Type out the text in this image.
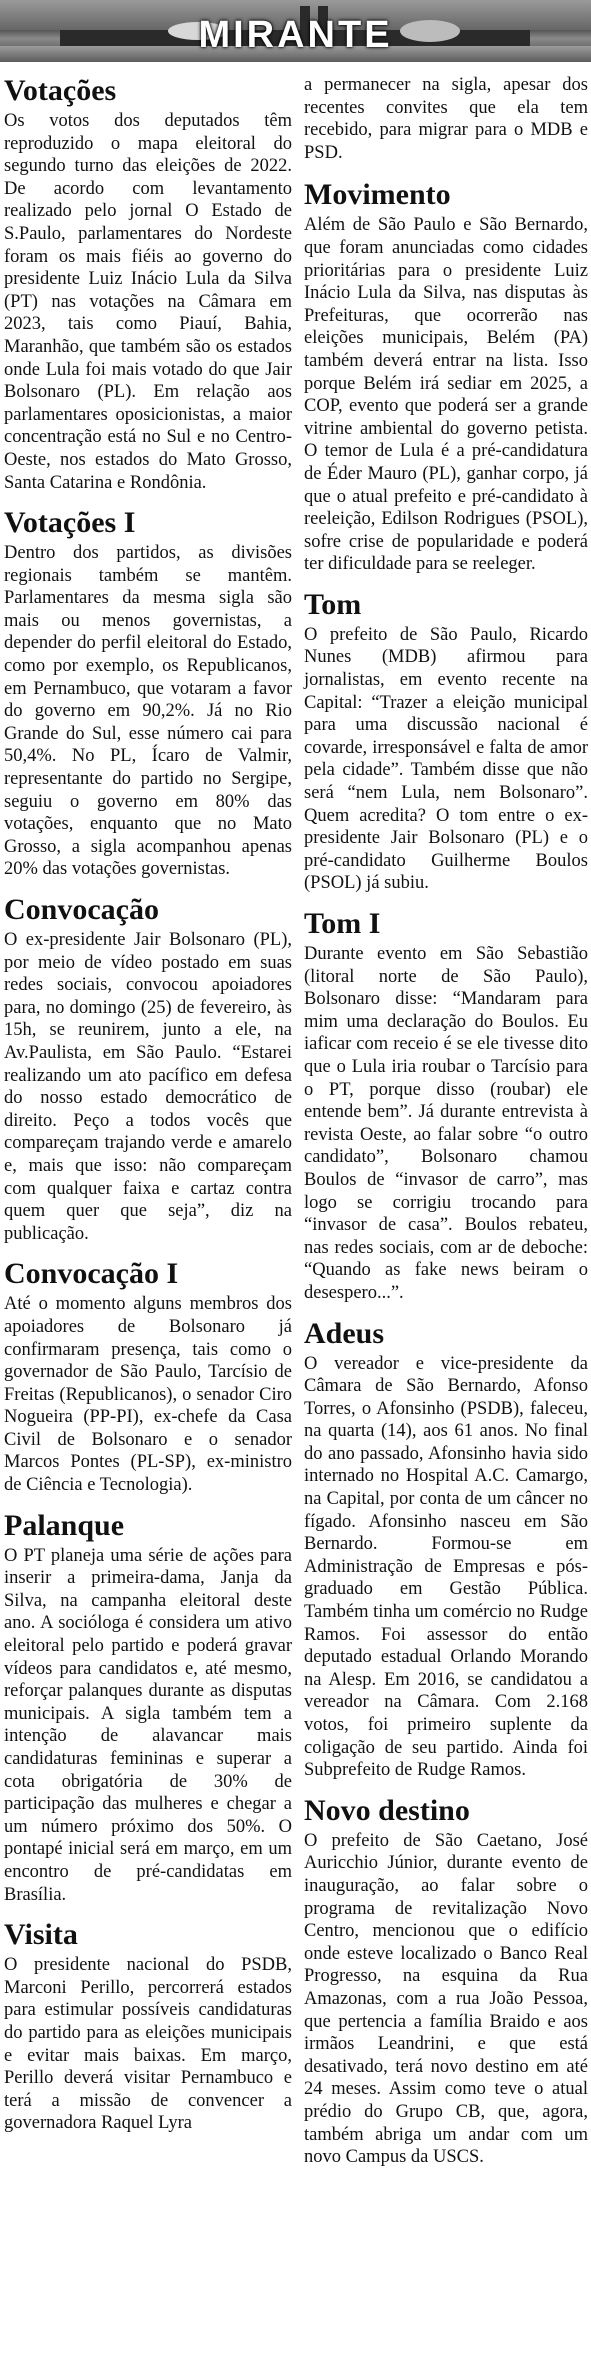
MIRANTE
Votações

Os votos dos deputados têm reproduzido o mapa eleitoral do segundo turno das eleições de 2022. De acordo com levantamento realizado pelo jornal O Estado de S.Paulo, parlamentares do Nordeste foram os mais fiéis ao governo do presidente Luiz Inácio Lula da Silva (PT) nas votações na Câmara em 2023, tais como Piauí, Bahia, Maranhão, que também são os estados onde Lula foi mais votado do que Jair Bolsonaro (PL). Em relação aos parlamentares oposicionistas, a maior concentração está no Sul e no Centro-Oeste, nos estados do Mato Grosso, Santa Catarina e Rondônia.

Votações I

Dentro dos partidos, as divisões regionais também se mantêm. Parlamentares da mesma sigla são mais ou menos governistas, a depender do perfil eleitoral do Estado, como por exemplo, os Republicanos, em Pernambuco, que votaram a favor do governo em 90,2%. Já no Rio Grande do Sul, esse número cai para 50,4%. No PL, Ícaro de Valmir, representante do partido no Sergipe, seguiu o governo em 80% das votações, enquanto que no Mato Grosso, a sigla acompanhou apenas 20% das votações governistas.

Convocação

O ex-presidente Jair Bolsonaro (PL), por meio de vídeo postado em suas redes sociais, convocou apoiadores para, no domingo (25) de fevereiro, às 15h, se reunirem, junto a ele, na Av.Paulista, em São Paulo. “Estarei realizando um ato pacífico em defesa do nosso estado democrático de direito. Peço a todos vocês que compareçam trajando verde e amarelo e, mais que isso: não compareçam com qualquer faixa e cartaz contra quem quer que seja”, diz na publicação.

Convocação I

Até o momento alguns membros dos apoiadores de Bolsonaro já confirmaram presença, tais como o governador de São Paulo, Tarcísio de Freitas (Republicanos), o senador Ciro Nogueira (PP-PI), ex-chefe da Casa Civil de Bolsonaro e o senador Marcos Pontes (PL-SP), ex-ministro de Ciência e Tecnologia).

Palanque

O PT planeja uma série de ações para inserir a primeira-dama, Janja da Silva, na campanha eleitoral deste ano. A socióloga é considera um ativo eleitoral pelo partido e poderá gravar vídeos para candidatos e, até mesmo, reforçar palanques durante as disputas municipais. A sigla também tem a intenção de alavancar mais candidaturas femininas e superar a cota obrigatória de 30% de participação das mulheres e chegar a um número próximo dos 50%. O pontapé inicial será em março, em um encontro de pré-candidatas em Brasília.

Visita

O presidente nacional do PSDB, Marconi Perillo, percorrerá estados para estimular possíveis candidaturas do partido para as eleições municipais e evitar mais baixas. Em março, Perillo deverá visitar Pernambuco e terá a missão de convencer a governadora Raquel Lyra

a permanecer na sigla, apesar dos recentes convites que ela tem recebido, para migrar para o MDB e PSD.

Movimento

Além de São Paulo e São Bernardo, que foram anunciadas como cidades prioritárias para o presidente Luiz Inácio Lula da Silva, nas disputas às Prefeituras, que ocorrerão nas eleições municipais, Belém (PA) também deverá entrar na lista. Isso porque Belém irá sediar em 2025, a COP, evento que poderá ser a grande vitrine ambiental do governo petista. O temor de Lula é a pré-candidatura de Éder Mauro (PL), ganhar corpo, já que o atual prefeito e pré-candidato à reeleição, Edilson Rodrigues (PSOL), sofre crise de popularidade e poderá ter dificuldade para se reeleger.

Tom

O prefeito de São Paulo, Ricardo Nunes (MDB) afirmou para jornalistas, em evento recente na Capital: “Trazer a eleição municipal para uma discussão nacional é covarde, irresponsável e falta de amor pela cidade”. Também disse que não será “nem Lula, nem Bolsonaro”. Quem acredita? O tom entre o ex-presidente Jair Bolsonaro (PL) e o pré-candidato Guilherme Boulos (PSOL) já subiu.

Tom I

Durante evento em São Sebastião (litoral norte de São Paulo), Bolsonaro disse: “Mandaram para mim uma declaração do Boulos. Eu iaficar com receio é se ele tivesse dito que o Lula iria roubar o Tarcísio para o PT, porque disso (roubar) ele entende bem”. Já durante entrevista à revista Oeste, ao falar sobre “o outro candidato”, Bolsonaro chamou Boulos de “invasor de carro”, mas logo se corrigiu trocando para “invasor de casa”. Boulos rebateu, nas redes sociais, com ar de deboche: “Quando as fake news beiram o desespero...”.

Adeus

O vereador e vice-presidente da Câmara de São Bernardo, Afonso Torres, o Afonsinho (PSDB), faleceu, na quarta (14), aos 61 anos. No final do ano passado, Afonsinho havia sido internado no Hospital A.C. Camargo, na Capital, por conta de um câncer no fígado. Afonsinho nasceu em São Bernardo. Formou-se em Administração de Empresas e pós-graduado em Gestão Pública. Também tinha um comércio no Rudge Ramos. Foi assessor do então deputado estadual Orlando Morando na Alesp. Em 2016, se candidatou a vereador na Câmara. Com 2.168 votos, foi primeiro suplente da coligação de seu partido. Ainda foi Subprefeito de Rudge Ramos.

Novo destino

O prefeito de São Caetano, José Auricchio Júnior, durante evento de inauguração, ao falar sobre o programa de revitalização Novo Centro, mencionou que o edifício onde esteve localizado o Banco Real Progresso, na esquina da Rua Amazonas, com a rua João Pessoa, que pertencia a família Braido e aos irmãos Leandrini, e que está desativado, terá novo destino em até 24 meses. Assim como teve o atual prédio do Grupo CB, que, agora, também abriga um andar com um novo Campus da USCS.
